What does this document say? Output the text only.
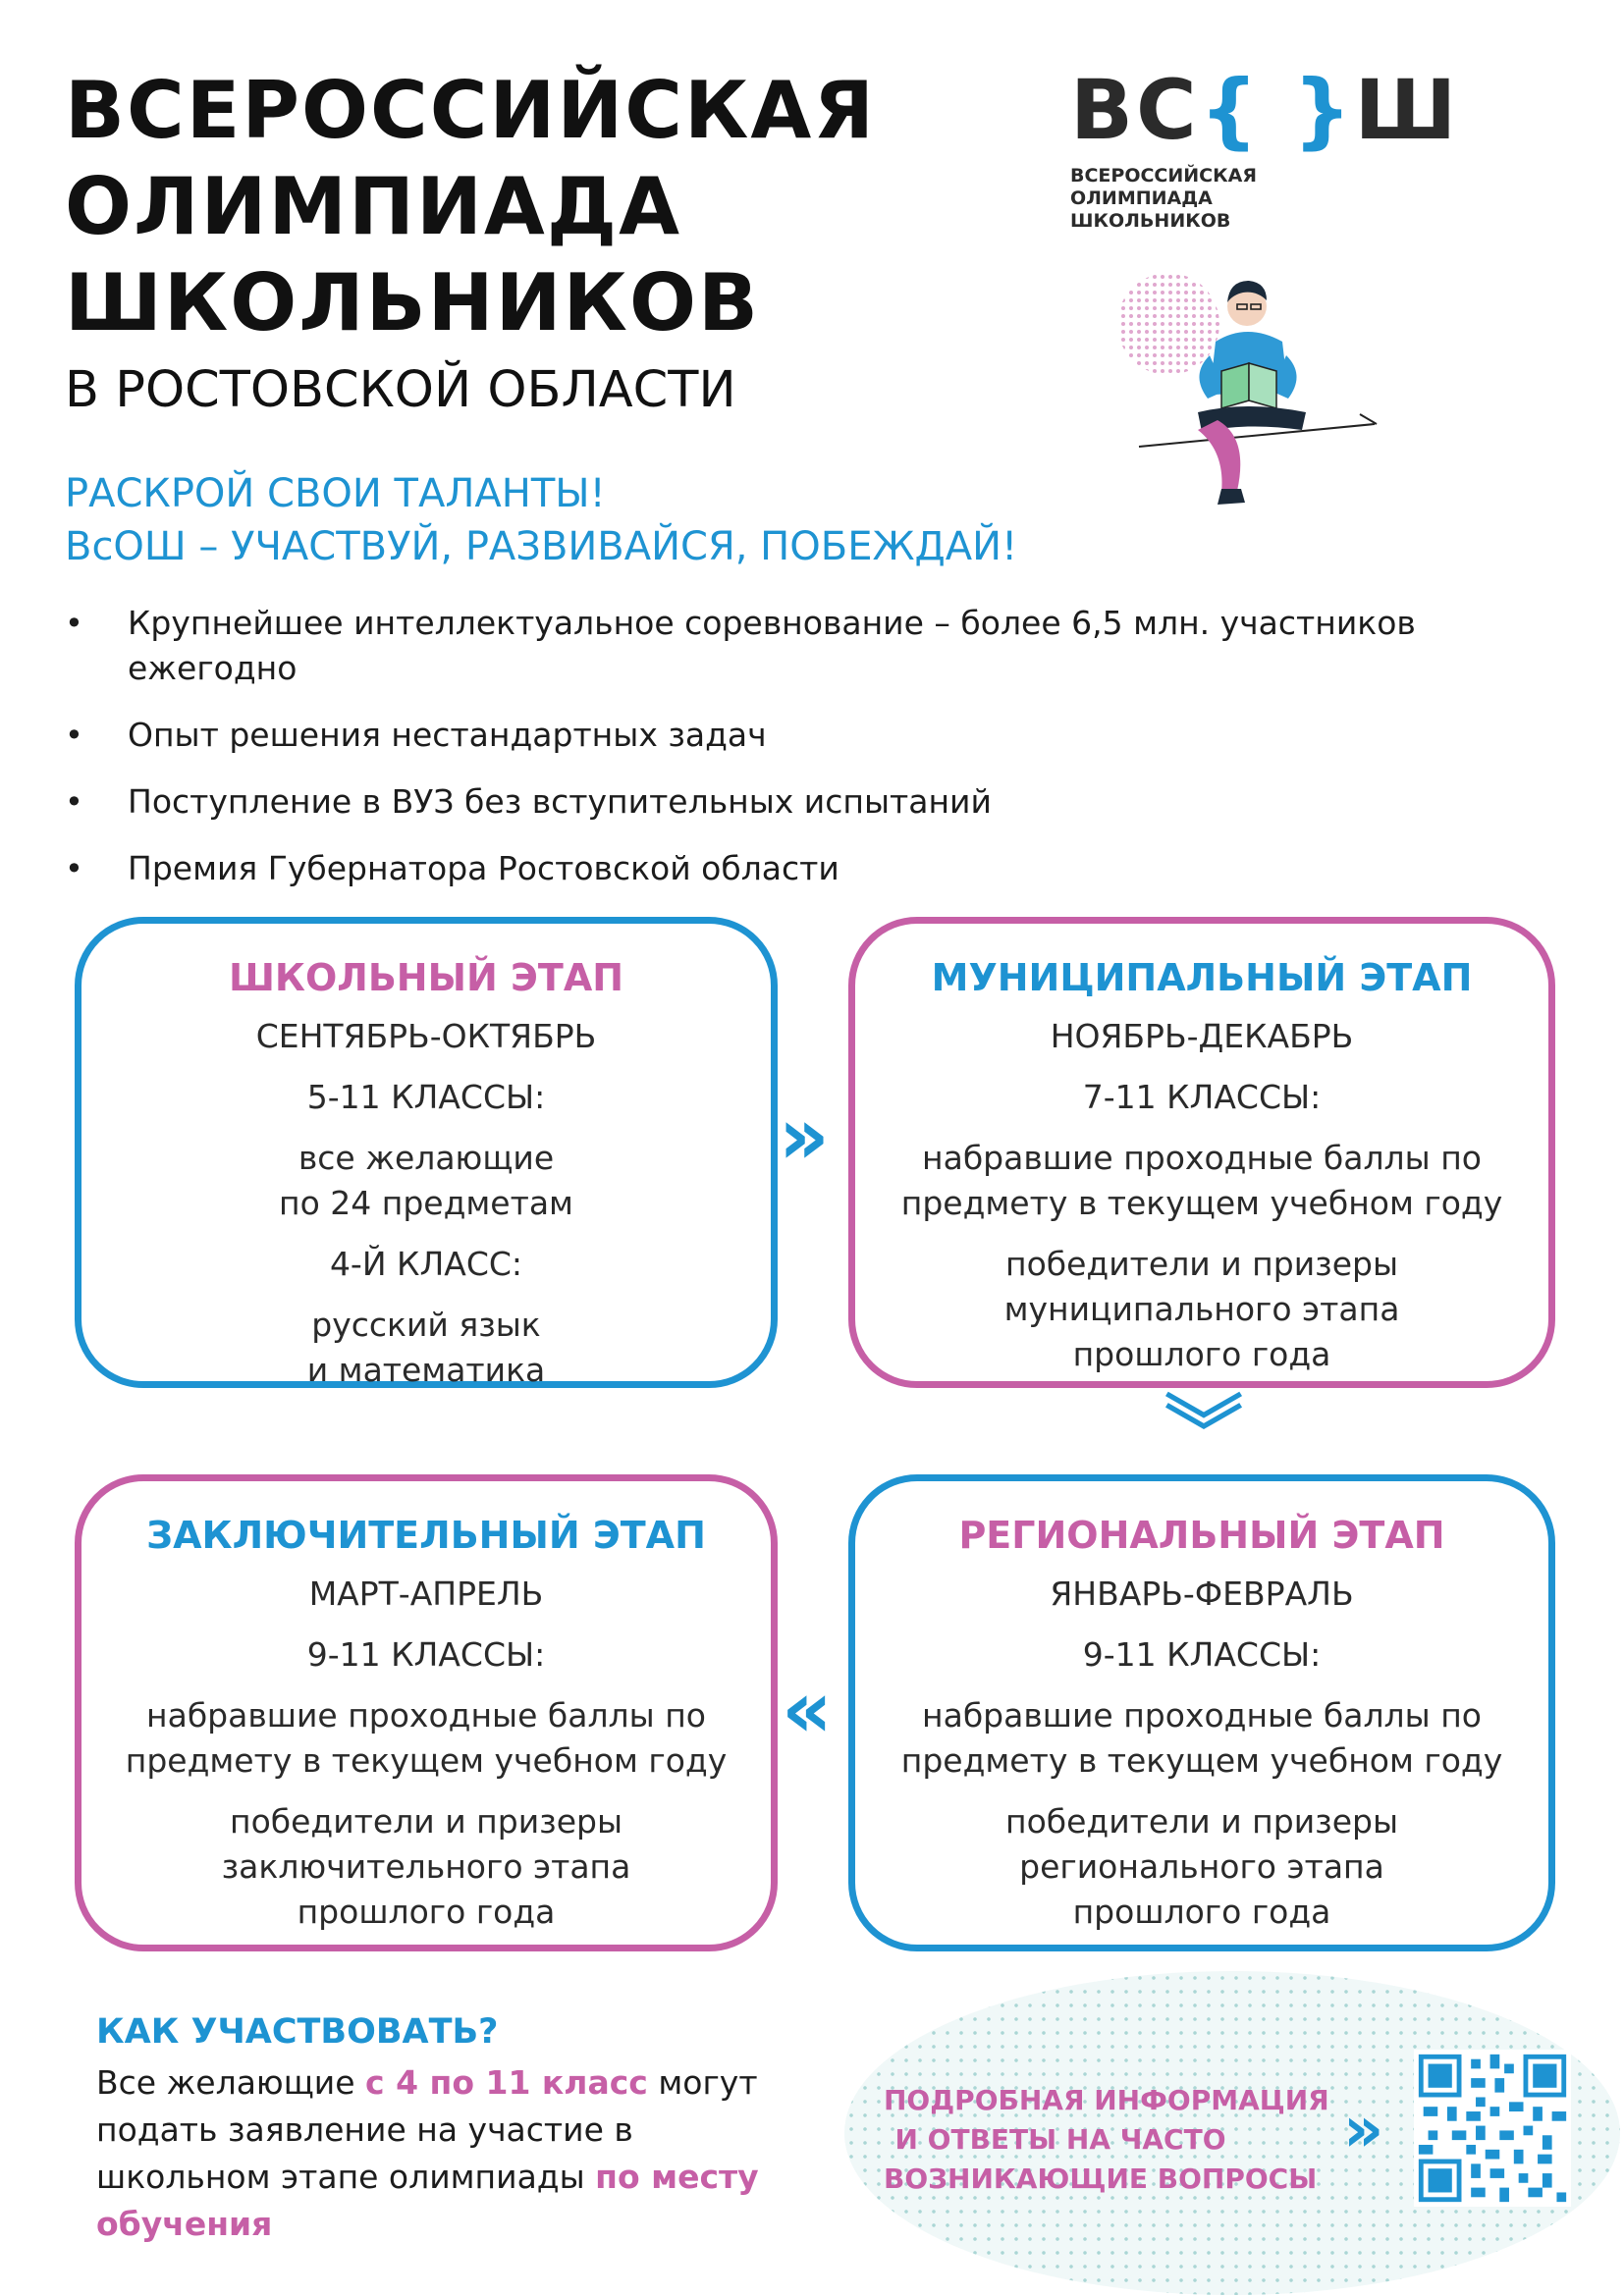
ВСЕРОССИЙСКАЯ
ОЛИМПИАДА
ШКОЛЬНИКОВ
В РОСТОВСКОЙ ОБЛАСТИ
ВС{ }Ш
ВСЕРОССИЙСКАЯ
ОЛИМПИАДА
ШКОЛЬНИКОВ
РАСКРОЙ СВОИ ТАЛАНТЫ!
ВсОШ – УЧАСТВУЙ, РАЗВИВАЙСЯ, ПОБЕЖДАЙ!
• Крупнейшее интеллектуальное соревнование – более 6,5 млн. участников ежегодно
• Опыт решения нестандартных задач
• Поступление в ВУЗ без вступительных испытаний
• Премия Губернатора Ростовской области
ШКОЛЬНЫЙ ЭТАП
СЕНТЯБРЬ-ОКТЯБРЬ
5-11 КЛАССЫ:
все желающие
по 24 предметам
4-Й КЛАСС:
русский язык
и математика
МУНИЦИПАЛЬНЫЙ ЭТАП
НОЯБРЬ-ДЕКАБРЬ
7-11 КЛАССЫ:
набравшие проходные баллы по
предмету в текущем учебном году
победители и призеры
муниципального этапа
прошлого года
ЗАКЛЮЧИТЕЛЬНЫЙ ЭТАП
МАРТ-АПРЕЛЬ
9-11 КЛАССЫ:
набравшие проходные баллы по
предмету в текущем учебном году
победители и призеры
заключительного этапа
прошлого года
РЕГИОНАЛЬНЫЙ ЭТАП
ЯНВАРЬ-ФЕВРАЛЬ
9-11 КЛАССЫ:
набравшие проходные баллы по
предмету в текущем учебном году
победители и призеры
регионального этапа
прошлого года
»
︾
«
КАК УЧАСТВОВАТЬ?
Все желающие с 4 по 11 класс могут подать заявление на участие в школьном этапе олимпиады по месту обучения
ПОДРОБНАЯ ИНФОРМАЦИЯ
И ОТВЕТЫ НА ЧАСТО
ВОЗНИКАЮЩИЕ ВОПРОСЫ
»
